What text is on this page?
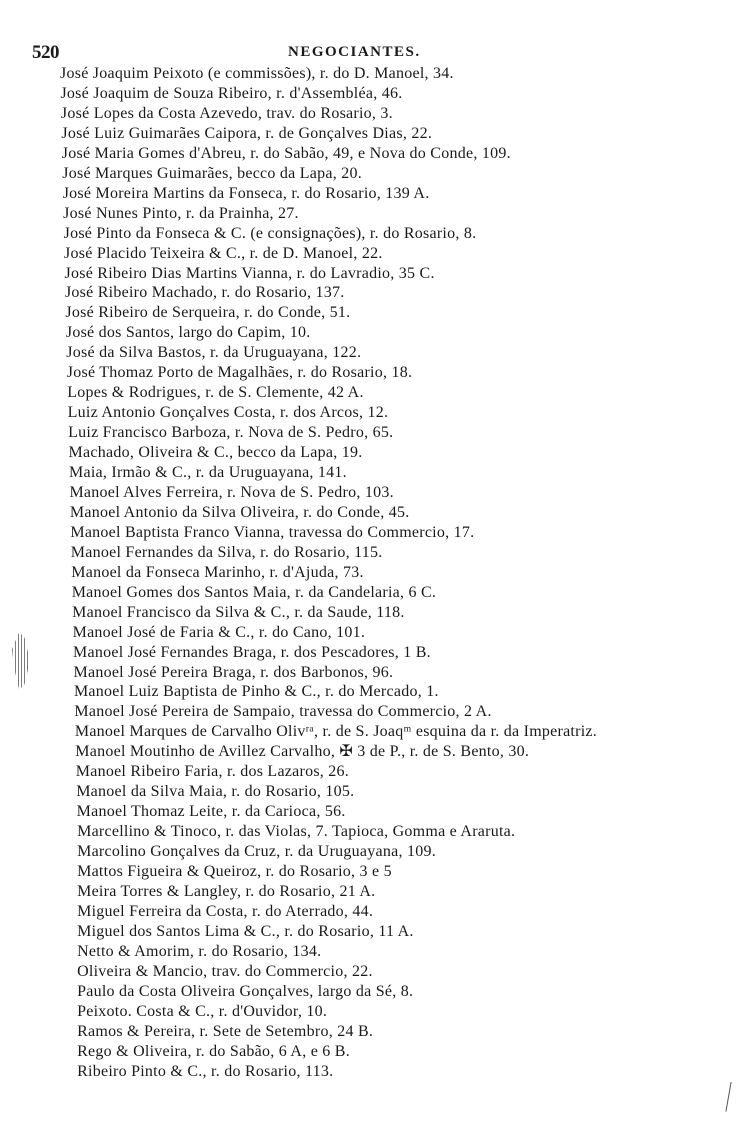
520	NEGOCIANTES.
José Joaquim Peixoto (e commissões), r. do D. Manoel, 34.
José Joaquim de Souza Ribeiro, r. d'Assembléa, 46.
José Lopes da Costa Azevedo, trav. do Rosario, 3.
José Luiz Guimarães Caipora, r. de Gonçalves Dias, 22.
José Maria Gomes d'Abreu, r. do Sabão, 49, e Nova do Conde, 109.
José Marques Guimarães, becco da Lapa, 20.
José Moreira Martins da Fonseca, r. do Rosario, 139 A.
José Nunes Pinto, r. da Prainha, 27.
José Pinto da Fonseca & C. (e consignações), r. do Rosario, 8.
José Placido Teixeira & C., r. de D. Manoel, 22.
José Ribeiro Dias Martins Vianna, r. do Lavradio, 35 C.
José Ribeiro Machado, r. do Rosario, 137.
José Ribeiro de Serqueira, r. do Conde, 51.
José dos Santos, largo do Capim, 10.
José da Silva Bastos, r. da Uruguayana, 122.
José Thomaz Porto de Magalhães, r. do Rosario, 18.
Lopes & Rodrigues, r. de S. Clemente, 42 A.
Luiz Antonio Gonçalves Costa, r. dos Arcos, 12.
Luiz Francisco Barboza, r. Nova de S. Pedro, 65.
Machado, Oliveira & C., becco da Lapa, 19.
Maia, Irmão & C., r. da Uruguayana, 141.
Manoel Alves Ferreira, r. Nova de S. Pedro, 103.
Manoel Antonio da Silva Oliveira, r. do Conde, 45.
Manoel Baptista Franco Vianna, travessa do Commercio, 17.
Manoel Fernandes da Silva, r. do Rosario, 115.
Manoel da Fonseca Marinho, r. d'Ajuda, 73.
Manoel Gomes dos Santos Maia, r. da Candelaria, 6 C.
Manoel Francisco da Silva & C., r. da Saude, 118.
Manoel José de Faria & C., r. do Cano, 101.
Manoel José Fernandes Braga, r. dos Pescadores, 1 B.
Manoel José Pereira Braga, r. dos Barbonos, 96.
Manoel Luiz Baptista de Pinho & C., r. do Mercado, 1.
Manoel José Pereira de Sampaio, travessa do Commercio, 2 A.
Manoel Marques de Carvalho Olivʳᵃ, r. de S. Joaqᵐ esquina da r. da Imperatriz.
Manoel Moutinho de Avillez Carvalho, ✠ 3 de P., r. de S. Bento, 30.
Manoel Ribeiro Faria, r. dos Lazaros, 26.
Manoel da Silva Maia, r. do Rosario, 105.
Manoel Thomaz Leite, r. da Carioca, 56.
Marcellino & Tinoco, r. das Violas, 7. Tapioca, Gomma e Araruta.
Marcolino Gonçalves da Cruz, r. da Uruguayana, 109.
Mattos Figueira & Queiroz, r. do Rosario, 3 e 5
Meira Torres & Langley, r. do Rosario, 21 A.
Miguel Ferreira da Costa, r. do Aterrado, 44.
Miguel dos Santos Lima & C., r. do Rosario, 11 A.
Netto & Amorim, r. do Rosario, 134.
Oliveira & Mancio, trav. do Commercio, 22.
Paulo da Costa Oliveira Gonçalves, largo da Sé, 8.
Peixoto. Costa & C., r. d'Ouvidor, 10.
Ramos & Pereira, r. Sete de Setembro, 24 B.
Rego & Oliveira, r. do Sabão, 6 A, e 6 B.
Ribeiro Pinto & C., r. do Rosario, 113.
